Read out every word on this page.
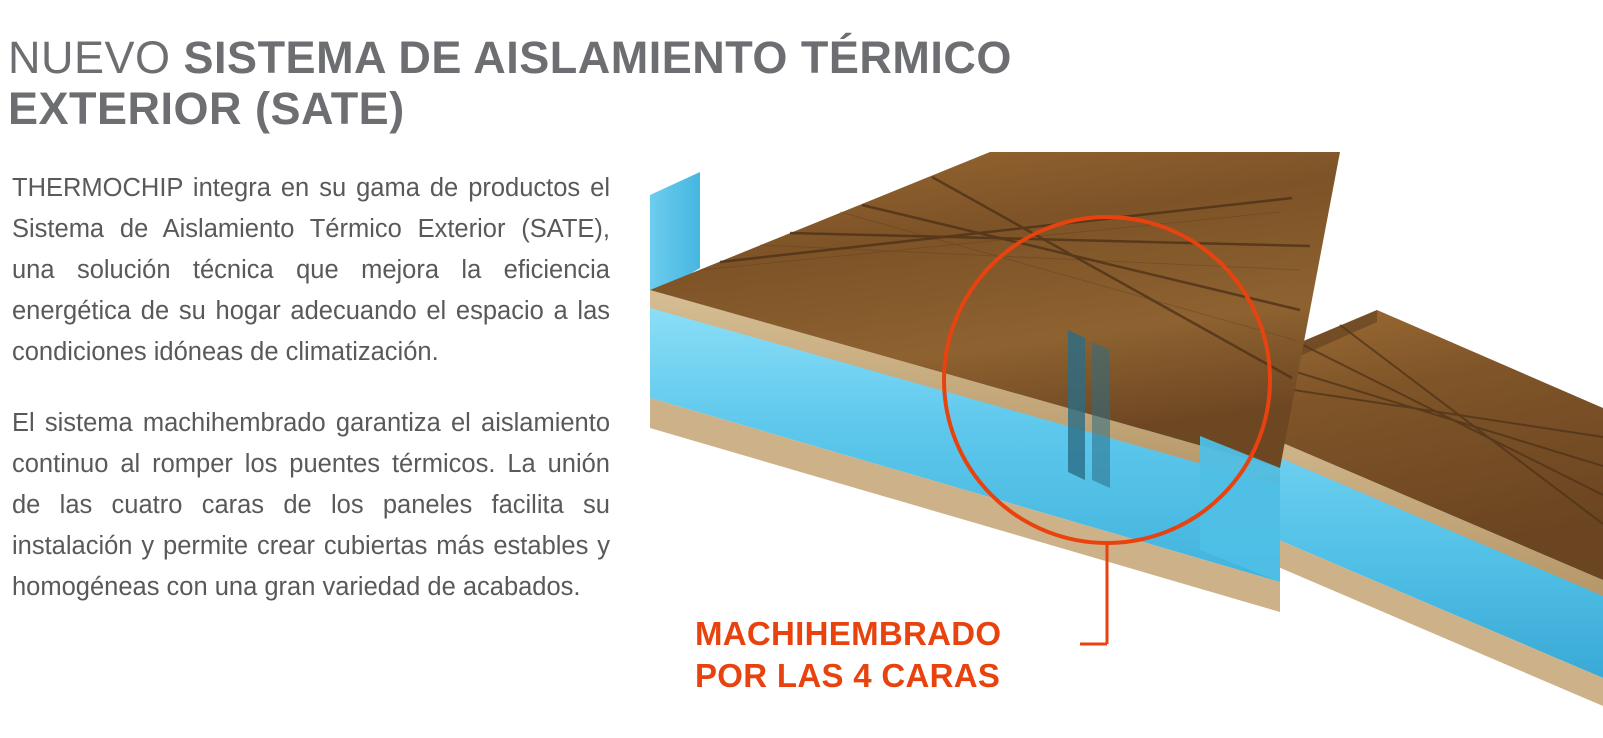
NUEVO SISTEMA DE AISLAMIENTO TÉRMICO EXTERIOR (SATE)

THERMOCHIP integra en su gama de productos el Sistema de Aislamiento Térmico Exterior (SATE), una solución técnica que mejora la eficiencia energética de su hogar adecuando el espacio a las condiciones idóneas de climatización.

El sistema machihembrado garantiza el aislamiento continuo al romper los puentes térmicos. La unión de las cuatro caras de los paneles facilita su instalación y permite crear cubiertas más estables y homogéneas con una gran variedad de acabados.

MACHIHEMBRADO
POR LAS 4 CARAS
